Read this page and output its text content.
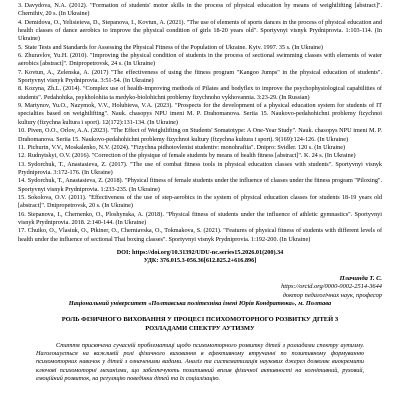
3. Davydova, N.A. (2012). "Formation of students' motor skills in the process of physical education by means of weightlifting [abstract]". Chernihiv, 20 s. (In Ukraine)

4. Demidova, O., Yelisieieva, D., Stepanova, I., Kovtun, A. (2021). "The use of elements of sports dances in the process of physical education and health classes of dance aerobics to improve the physical condition of girls 18-20 years old". Sportyvnyi visnyk Prydniprovia. 1:103-114. (In Ukraine)

5. State Tests and Standards for Assessing the Physical Fitness of the Population of Ukraine. Kyiv. 1997. 35 s. (In Ukraine)

6. Zhuravlov, Yu.H. (2010). "Improving the physical condition of students in the process of sectional swimming classes with elements of water aerobics [abstract]". Dnipropetrovsk, 24 s. (In Ukraine)

7. Kovtun, A., Zelenska, A. (2017) "The effectiveness of using the fitness program "Kangoo Jumps" in the physical education of students". Sportyvnyi visnyk Prydniprovia. 3:51-54. (In Ukraine)

8. Kozyna, Zh.L. (2014). "Complex use of health-improving methods of Pilates and bodyflex to improve the psychophysiological capabilities of students". Pedahohika, psykholohiia ta medyko-biolohichni problemy fizychnoho vykhovannia. 3:23-29. (In Russian)

9. Martynov, Yu.O., Nazymok, V.V., Holubieva, V.A. (2023). "Prospects for the development of a physical education system for students of IT specialties based on weightlifting". Nauk. chasopys NPU imeni M. P. Drahomanova. Seriia 15. Naukovo-pedahohichni problemy fizychnoi kultury (fizychna kultura i sport). 12(172):131-134. (In Ukraine)

10. Piven, O.O., Orlov, A.A. (2023). "The Effect of Weightlifting on Students' Somatotype: A One-Year Study". Nauk. chasopys NPU imeni M. P. Drahomanova. Seriia 15. Naukovo-pedahohichni problemy fizychnoi kultury (fizychna kultura i sport). 9(169):124-126. (In Ukraine)

11. Pichurin, V.V., Moskalenko, N.V. (2024). "Fizychna pidhotovlenist studentiv: monohrafiia". Dnipro: Svidler. 120 s. (In Ukraine)

12. Rudnytskyi, O.V. (2016). "Correction of the physique of female students by means of health fitness [abstract]". K. 24 s. (In Ukraine)

13. Sydorchuk, T., Anastasieva, Z. (2017). "The use of combat fitness tools in physical education classes with students". Sportyvnyi visnyk Prydniprovia. 3:172-176. (In Ukraine)

14. Sydorchuk, T., Anastasieva, Z. (2018). "Physical fitness of female students under the influence of classes under the fitness program "Piloxing". Sportyvnyi visnyk Prydniprovia. 1:233-235. (In Ukraine)

15. Sokolova, O.V. (2011). "Effectiveness of the use of step-aerobics in the system of physical education classes for students 18-19 years old [abstract]". Dnipropetrovsk, 20 s. (In Ukraine)

16. Stepanova, I., Chernenko, O., Ploshynska, A. (2018). "Physical fitness of students under the influence of athletic gymnastics". Sportyvnyi visnyk Prydniprovia. 2018. 2:140-144. (In Ukraine)

17. Chuiko, O., Vlasiuk, O., Pikiner, O., Cherniavska, O., Tokmakova, S. (2021). "Features of physical fitness of students with different levels of health under the influence of sectional Thai boxing classes". Sportyvnyi visnyk Prydniprovia. 1:192-200. (In Ukraine)

DOI: https://doi.org/10.31392/UDU-nc.series15.2026.01(200).34
УДК: 376.015.3-056.36[612.825.2+616.896]
Плачинда Т. С.
https://orcid.org/0000-0002-2514-3644
доктор педагогічних наук, професор
Національний університет «Полтавська політехніка імені Юрія Кондратюка», м. Полтава
РОЛЬ ФІЗИЧНОГО ВИХОВАННЯ У ПРОЦЕСІ ПСИХОМОТОРНОГО РОЗВИТКУ ДІТЕЙ З РОЗЛАДАМИ СПЕКТРУ АУТИЗМУ
Стаття присвячена сучасній проблематиці щодо психомоторного розвитку дітей з розладами спектру аутизму. Наголошується на важливій ролі фізичного виховання в ефективному втручанні по позитивному формуванню психомоторних навичок у дітей з означеними вадами. Аналіз та систематизація наукових джерел дозволяє виокремити ключові психомоторні механізми, що забезпечують позитивний вплив фізичної активності на когнітивний, руховий, емоційний розвиток, на регуляцію поведінки дітей та їх соціалізацію.
